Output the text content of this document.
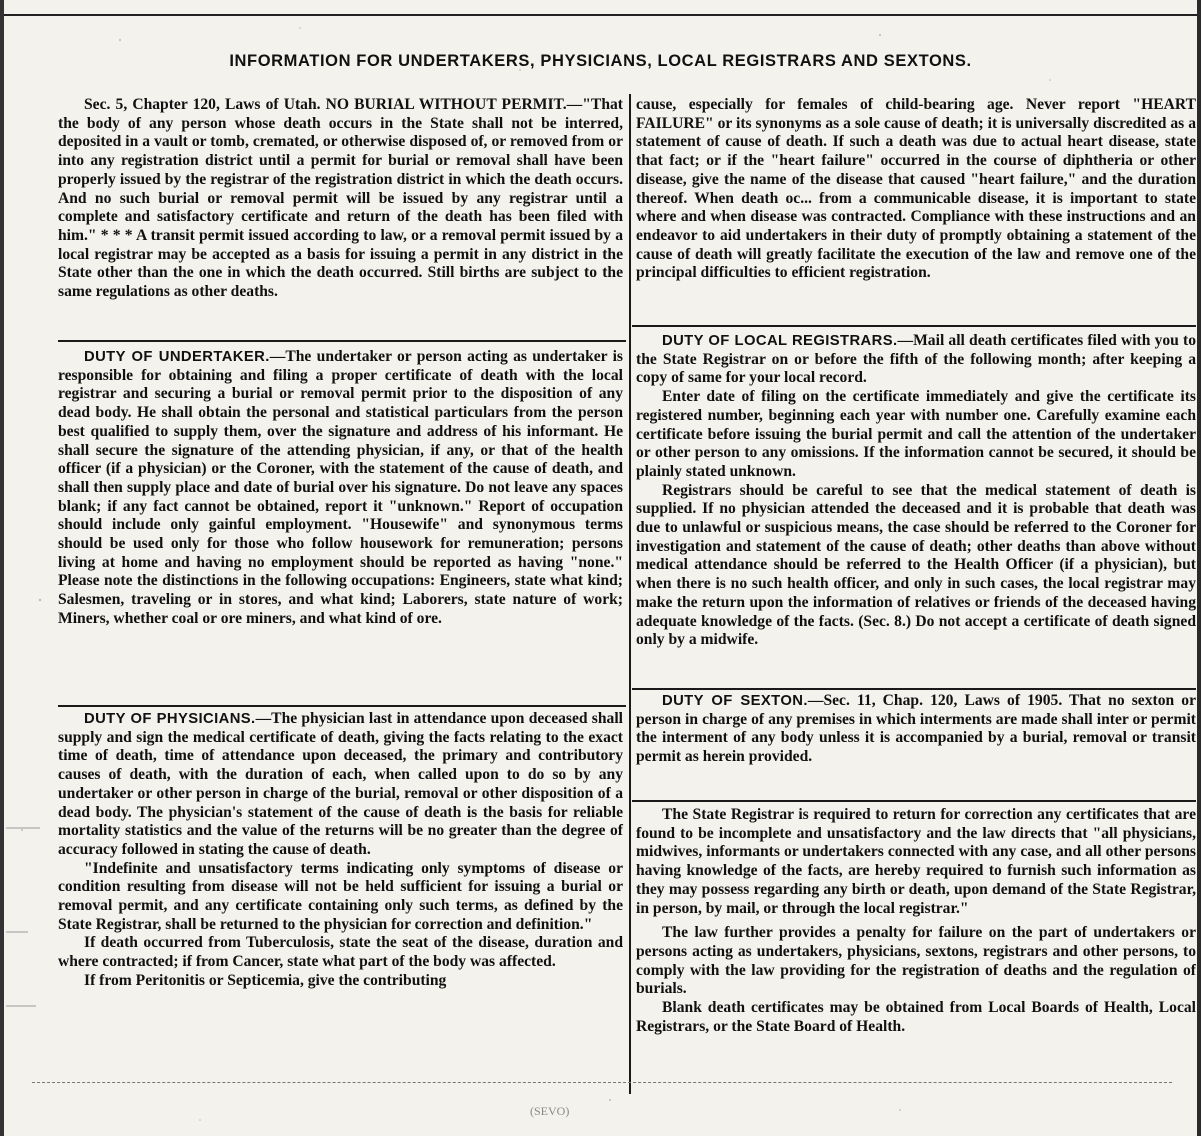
INFORMATION FOR UNDERTAKERS, PHYSICIANS, LOCAL REGISTRARS AND SEXTONS.

Sec. 5, Chapter 120, Laws of Utah. NO BURIAL WITHOUT PERMIT.—"That the body of any person whose death occurs in the State shall not be interred, deposited in a vault or tomb, cremated, or otherwise disposed of, or removed from or into any registration district until a permit for burial or removal shall have been properly issued by the registrar of the registration district in which the death occurs. And no such burial or removal permit will be issued by any registrar until a complete and satisfactory certificate and return of the death has been filed with him." * * * A transit permit issued according to law, or a removal permit issued by a local registrar may be accepted as a basis for issuing a permit in any district in the State other than the one in which the death occurred. Still births are subject to the same regulations as other deaths.

DUTY OF UNDERTAKER.—The undertaker or person acting as undertaker is responsible for obtaining and filing a proper certificate of death with the local registrar and securing a burial or removal permit prior to the disposition of any dead body. He shall obtain the personal and statistical particulars from the person best qualified to supply them, over the signature and address of his informant. He shall secure the signature of the attending physician, if any, or that of the health officer (if a physician) or the Coroner, with the statement of the cause of death, and shall then supply place and date of burial over his signature. Do not leave any spaces blank; if any fact cannot be obtained, report it "unknown." Report of occupation should include only gainful employment. "Housewife" and synonymous terms should be used only for those who follow housework for remuneration; persons living at home and having no employment should be reported as having "none." Please note the distinctions in the following occupations: Engineers, state what kind; Salesmen, traveling or in stores, and what kind; Laborers, state nature of work; Miners, whether coal or ore miners, and what kind of ore.

DUTY OF PHYSICIANS.—The physician last in attendance upon deceased shall supply and sign the medical certificate of death, giving the facts relating to the exact time of death, time of attendance upon deceased, the primary and contributory causes of death, with the duration of each, when called upon to do so by any undertaker or other person in charge of the burial, removal or other disposition of a dead body. The physician's statement of the cause of death is the basis for reliable mortality statistics and the value of the returns will be no greater than the degree of accuracy followed in stating the cause of death.

"Indefinite and unsatisfactory terms indicating only symptoms of disease or condition resulting from disease will not be held sufficient for issuing a burial or removal permit, and any certificate containing only such terms, as defined by the State Registrar, shall be returned to the physician for correction and definition."

If death occurred from Tuberculosis, state the seat of the disease, duration and where contracted; if from Cancer, state what part of the body was affected.

If from Peritonitis or Septicemia, give the contributing

cause, especially for females of child-bearing age. Never report "HEART FAILURE" or its synonyms as a sole cause of death; it is universally discredited as a statement of cause of death. If such a death was due to actual heart disease, state that fact; or if the "heart failure" occurred in the course of diphtheria or other disease, give the name of the disease that caused "heart failure," and the duration thereof. When death oc... from a communicable disease, it is important to state where and when disease was contracted. Compliance with these instructions and an endeavor to aid undertakers in their duty of promptly obtaining a statement of the cause of death will greatly facilitate the execution of the law and remove one of the principal difficulties to efficient registration.

DUTY OF LOCAL REGISTRARS.—Mail all death certificates filed with you to the State Registrar on or before the fifth of the following month; after keeping a copy of same for your local record.

Enter date of filing on the certificate immediately and give the certificate its registered number, beginning each year with number one. Carefully examine each certificate before issuing the burial permit and call the attention of the undertaker or other person to any omissions. If the information cannot be secured, it should be plainly stated unknown.

Registrars should be careful to see that the medical statement of death is supplied. If no physician attended the deceased and it is probable that death was due to unlawful or suspicious means, the case should be referred to the Coroner for investigation and statement of the cause of death; other deaths than above without medical attendance should be referred to the Health Officer (if a physician), but when there is no such health officer, and only in such cases, the local registrar may make the return upon the information of relatives or friends of the deceased having adequate knowledge of the facts. (Sec. 8.) Do not accept a certificate of death signed only by a midwife.

DUTY OF SEXTON.—Sec. 11, Chap. 120, Laws of 1905. That no sexton or person in charge of any premises in which interments are made shall inter or permit the interment of any body unless it is accompanied by a burial, removal or transit permit as herein provided.

The State Registrar is required to return for correction any certificates that are found to be incomplete and unsatisfactory and the law directs that "all physicians, midwives, informants or undertakers connected with any case, and all other persons having knowledge of the facts, are hereby required to furnish such information as they may possess regarding any birth or death, upon demand of the State Registrar, in person, by mail, or through the local registrar."

The law further provides a penalty for failure on the part of undertakers or persons acting as undertakers, physicians, sextons, registrars and other persons, to comply with the law providing for the registration of deaths and the regulation of burials.

Blank death certificates may be obtained from Local Boards of Health, Local Registrars, or the State Board of Health.

(SEVO)
